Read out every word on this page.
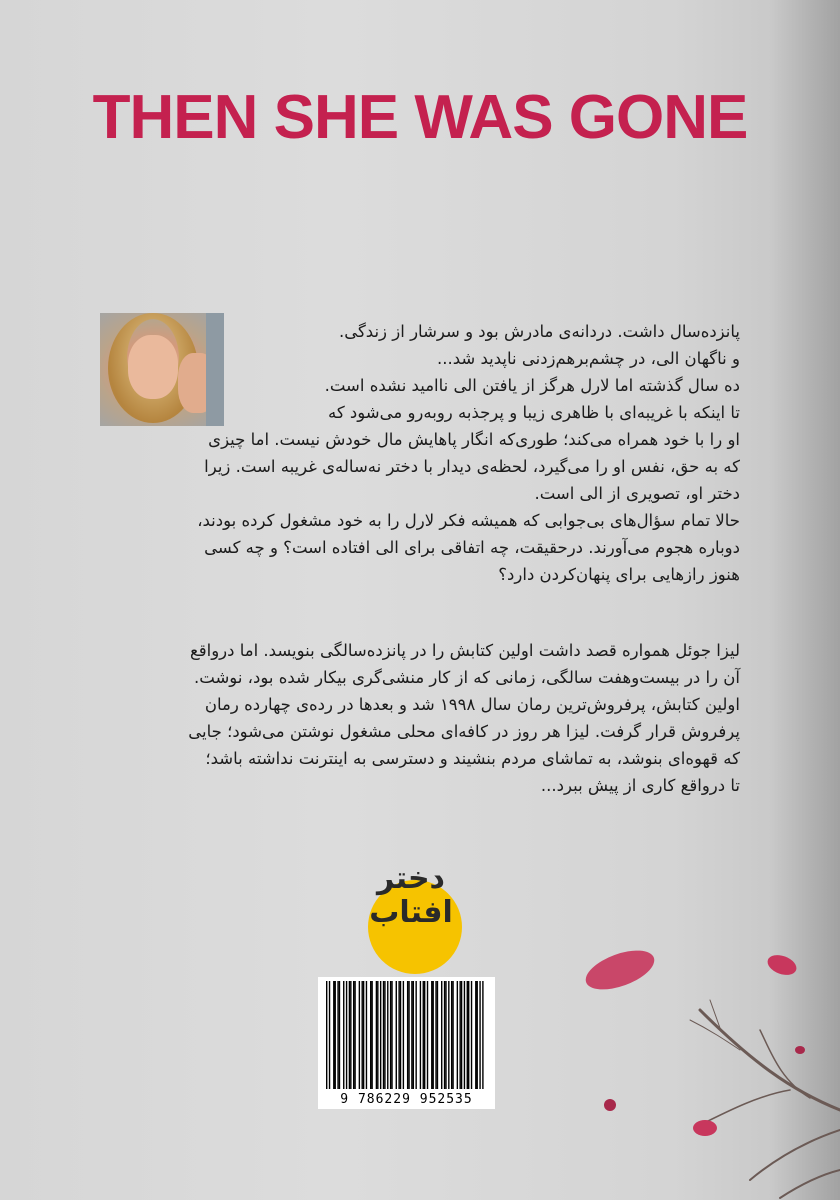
THEN SHE WAS GONE
پانزده‌سال داشت. دردانه‌ی مادرش بود و سرشار از زندگی.
و ناگهان الی، در چشم‌برهم‌زدنی ناپدید شد...
ده سال گذشته اما لارل هرگز از یافتن الی ناامید نشده است.
تا اینکه با غریبه‌ای با ظاهری زیبا و پرجذبه روبه‌رو می‌شود که
او را با خود همراه می‌کند؛ طوری‌که انگار پاهایش مال خودش نیست. اما چیزی
که به حق، نفس او را می‌گیرد، لحظه‌ی دیدار با دختر نه‌ساله‌ی غریبه است. زیرا
دختر او، تصویری از الی است.
حالا تمام سؤال‌های بی‌جوابی که همیشه فکر لارل را به خود مشغول کرده بودند،
دوباره هجوم می‌آورند. درحقیقت، چه اتفاقی برای الی افتاده است؟ و چه کسی
هنوز رازهایی برای پنهان‌کردن دارد؟
لیزا جوئل همواره قصد داشت اولین کتابش را در پانزده‌سالگی بنویسد. اما درواقع
آن را در بیست‌وهفت سالگی، زمانی که از کار منشی‌گری بیکار شده بود، نوشت.
اولین کتابش، پرفروش‌ترین رمان سال ۱۹۹۸ شد و بعدها در رده‌ی چهارده رمان
پرفروش قرار گرفت. لیزا هر روز در کافه‌ای محلی مشغول نوشتن می‌شود؛ جایی
که قهوه‌ای بنوشد، به تماشای مردم بنشیند و دسترسی به اینترنت نداشته باشد؛
تا درواقع کاری از پیش ببرد...
دختر
افتاب
9 786229 952535
